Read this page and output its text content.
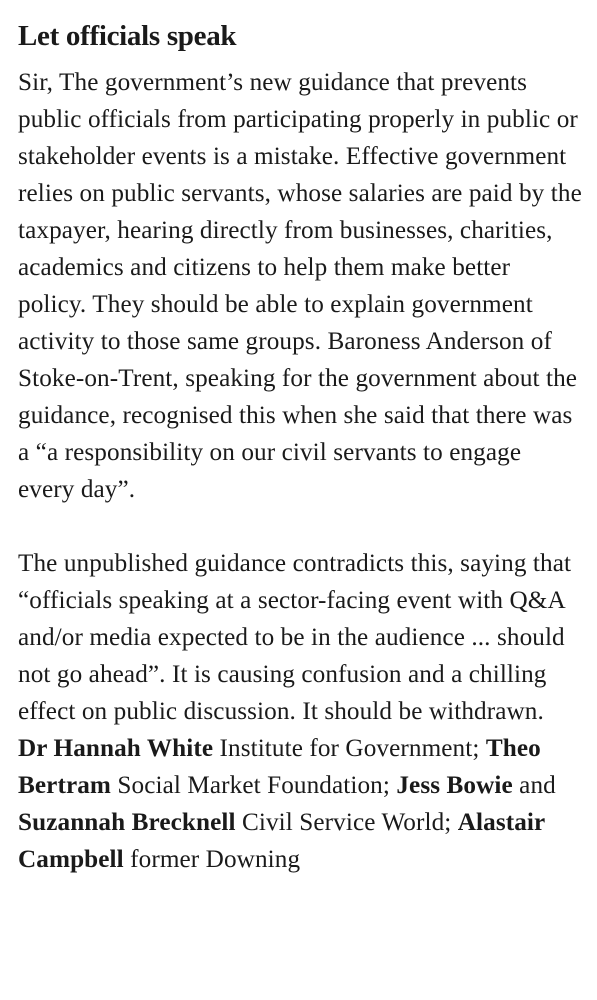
Let officials speak

Sir, The government’s new guidance that prevents public officials from participating properly in public or stakeholder events is a mistake. Effective government relies on public servants, whose salaries are paid by the taxpayer, hearing directly from businesses, charities, academics and citizens to help them make better policy. They should be able to explain government activity to those same groups. Baroness Anderson of Stoke-on-Trent, speaking for the government about the guidance, recognised this when she said that there was a “a responsibility on our civil servants to engage every day”.

The unpublished guidance contradicts this, saying that “officials speaking at a sector-facing event with Q&A and/or media expected to be in the audience ... should not go ahead”. It is causing confusion and a chilling effect on public discussion. It should be withdrawn.
Dr Hannah White Institute for Government; Theo Bertram Social Market Foundation; Jess Bowie and Suzannah Brecknell Civil Service World; Alastair Campbell former Downing
